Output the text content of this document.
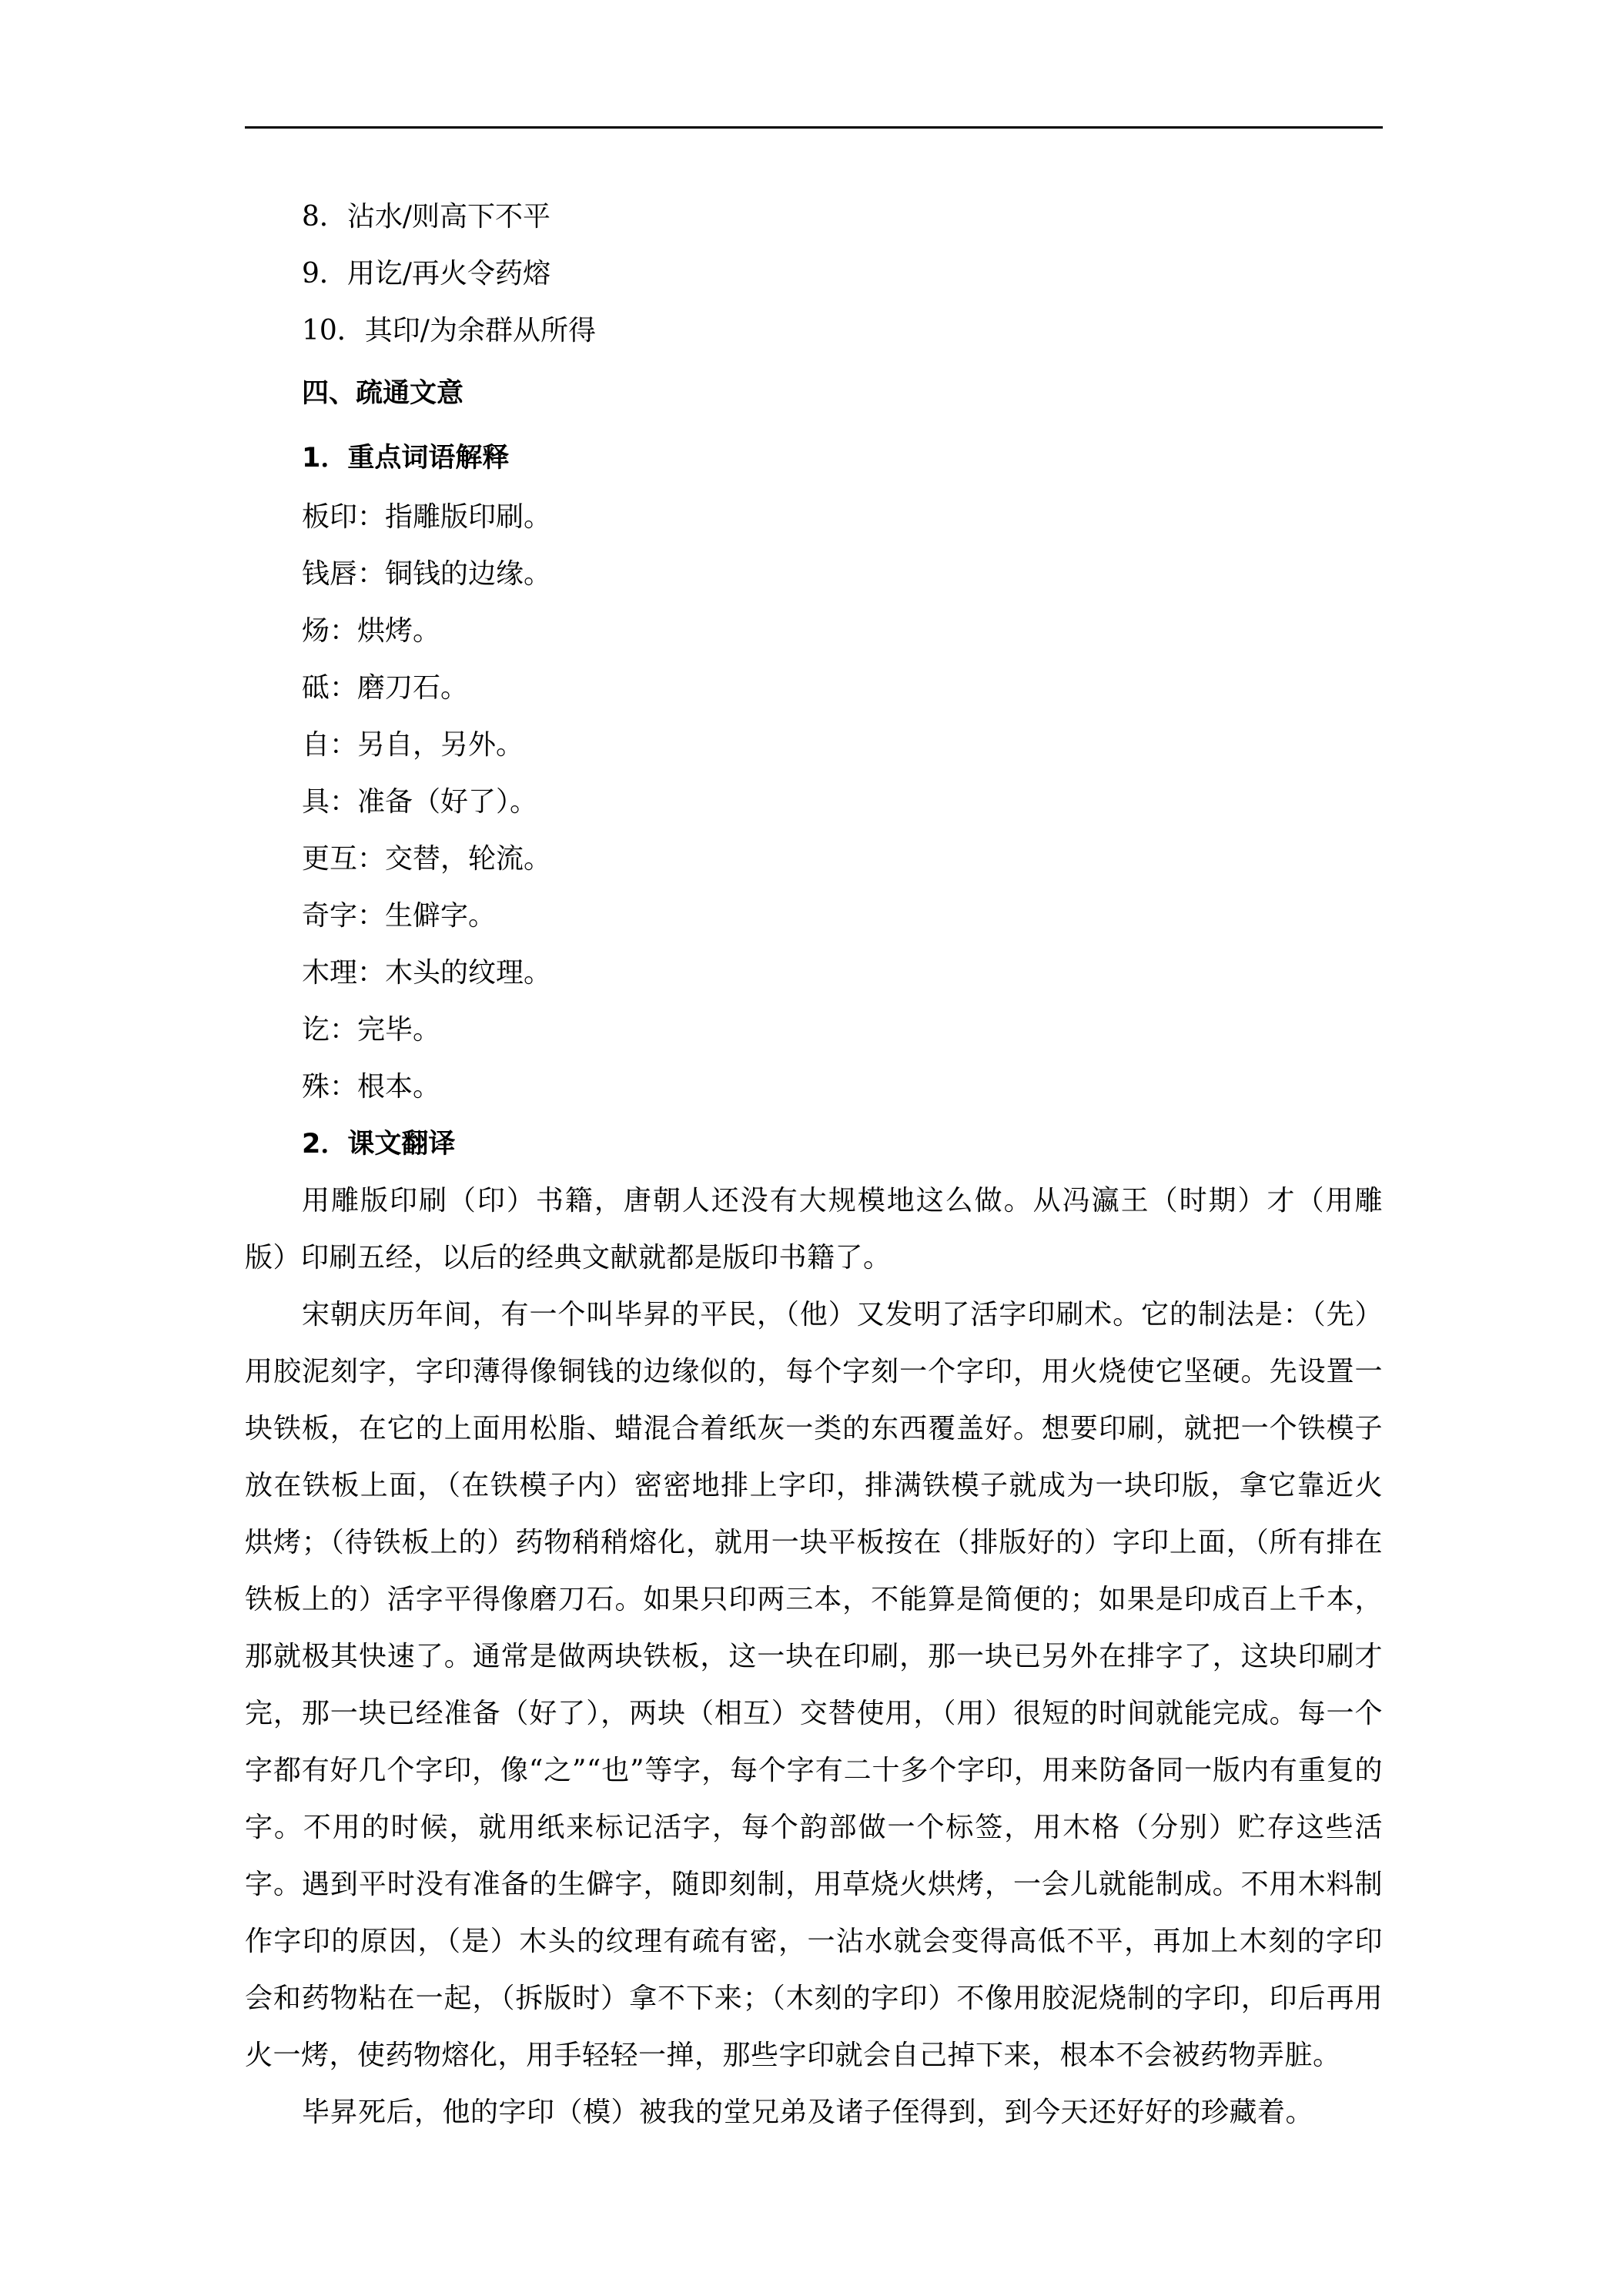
8．沾水/则高下不平
9．用讫/再火令药熔
10．其印/为余群从所得
四、疏通文意
1．重点词语解释
板印：指雕版印刷。
钱唇：铜钱的边缘。
炀：烘烤。
砥：磨刀石。
自：另自，另外。
具：准备（好了）。
更互：交替，轮流。
奇字：生僻字。
木理：木头的纹理。
讫：完毕。
殊：根本。
2．课文翻译

用雕版印刷（印）书籍，唐朝人还没有大规模地这么做。从冯瀛王（时期）才（用雕版）印刷五经，以后的经典文献就都是版印书籍了。

宋朝庆历年间，有一个叫毕昇的平民，（他）又发明了活字印刷术。它的制法是：（先）用胶泥刻字，字印薄得像铜钱的边缘似的，每个字刻一个字印，用火烧使它坚硬。先设置一块铁板，在它的上面用松脂、蜡混合着纸灰一类的东西覆盖好。想要印刷，就把一个铁模子放在铁板上面，（在铁模子内）密密地排上字印，排满铁模子就成为一块印版，拿它靠近火烘烤；（待铁板上的）药物稍稍熔化，就用一块平板按在（排版好的）字印上面，（所有排在铁板上的）活字平得像磨刀石。如果只印两三本，不能算是简便的；如果是印成百上千本，那就极其快速了。通常是做两块铁板，这一块在印刷，那一块已另外在排字了，这块印刷才完，那一块已经准备（好了），两块（相互）交替使用，（用）很短的时间就能完成。每一个字都有好几个字印，像“之”“也”等字，每个字有二十多个字印，用来防备同一版内有重复的字。不用的时候，就用纸来标记活字，每个韵部做一个标签，用木格（分别）贮存这些活字。遇到平时没有准备的生僻字，随即刻制，用草烧火烘烤，一会儿就能制成。不用木料制作字印的原因，（是）木头的纹理有疏有密，一沾水就会变得高低不平，再加上木刻的字印会和药物粘在一起，（拆版时）拿不下来；（木刻的字印）不像用胶泥烧制的字印，印后再用火一烤，使药物熔化，用手轻轻一掸，那些字印就会自己掉下来，根本不会被药物弄脏。

毕昇死后，他的字印（模）被我的堂兄弟及诸子侄得到，到今天还好好的珍藏着。
